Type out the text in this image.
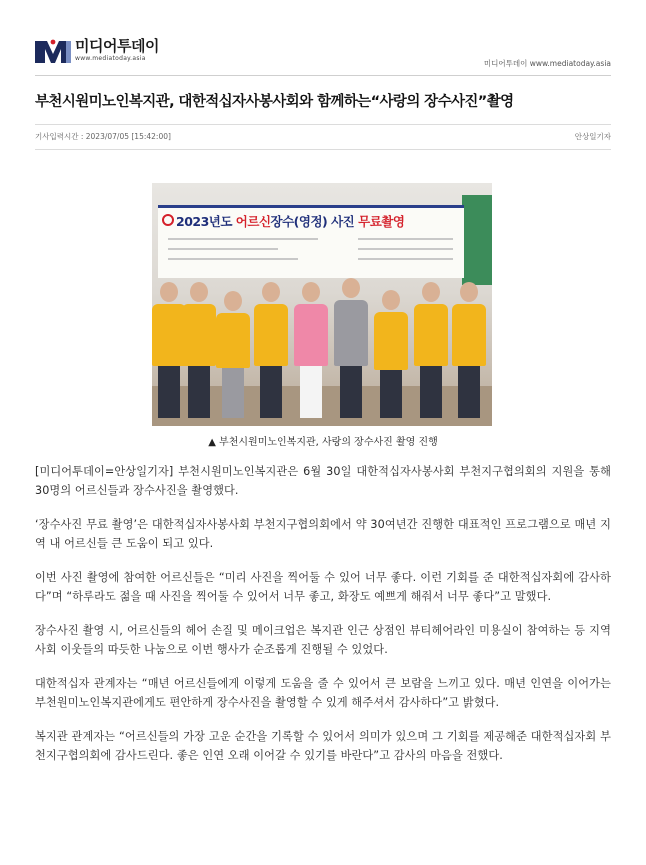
미디어투데이
www.mediatoday.asia
미디어투데이 www.mediatoday.asia
부천시원미노인복지관, 대한적십자사봉사회와 함께하는“사랑의 장수사진”촬영
기사입력시간 : 2023/07/05 [15:42:00]	안상일기자
2023년도 어르신장수(영정) 사진 무료촬영
▲ 부천시원미노인복지관, 사랑의 장수사진 촬영 진행

[미디어투데이=안상일기자] 부천시원미노인복지관은 6월 30일 대한적십자사봉사회 부천지구협의회의 지원을 통해 30명의 어르신들과 장수사진을 촬영했다.

‘장수사진 무료 촬영’은 대한적십자사봉사회 부천지구협의회에서 약 30여년간 진행한 대표적인 프로그램으로 매년 지역 내 어르신들 큰 도움이 되고 있다.

이번 사진 촬영에 참여한 어르신들은 “미리 사진을 찍어둘 수 있어 너무 좋다. 이런 기회를 준 대한적십자회에 감사하다”며 “하루라도 젊을 때 사진을 찍어둘 수 있어서 너무 좋고, 화장도 예쁘게 해줘서 너무 좋다”고 말했다.

장수사진 촬영 시, 어르신들의 헤어 손질 및 메이크업은 복지관 인근 상점인 뷰티헤어라인 미용실이 참여하는 등 지역사회 이웃들의 따듯한 나눔으로 이번 행사가 순조롭게 진행될 수 있었다.

대한적십자 관계자는 “매년 어르신들에게 이렇게 도움을 줄 수 있어서 큰 보람을 느끼고 있다. 매년 인연을 이어가는 부천원미노인복지관에게도 편안하게 장수사진을 촬영할 수 있게 해주셔서 감사하다”고 밝혔다.

복지관 관계자는 “어르신들의 가장 고운 순간을 기록할 수 있어서 의미가 있으며 그 기회를 제공해준 대한적십자회 부천지구협의회에 감사드린다. 좋은 인연 오래 이어갈 수 있기를 바란다”고 감사의 마음을 전했다.
